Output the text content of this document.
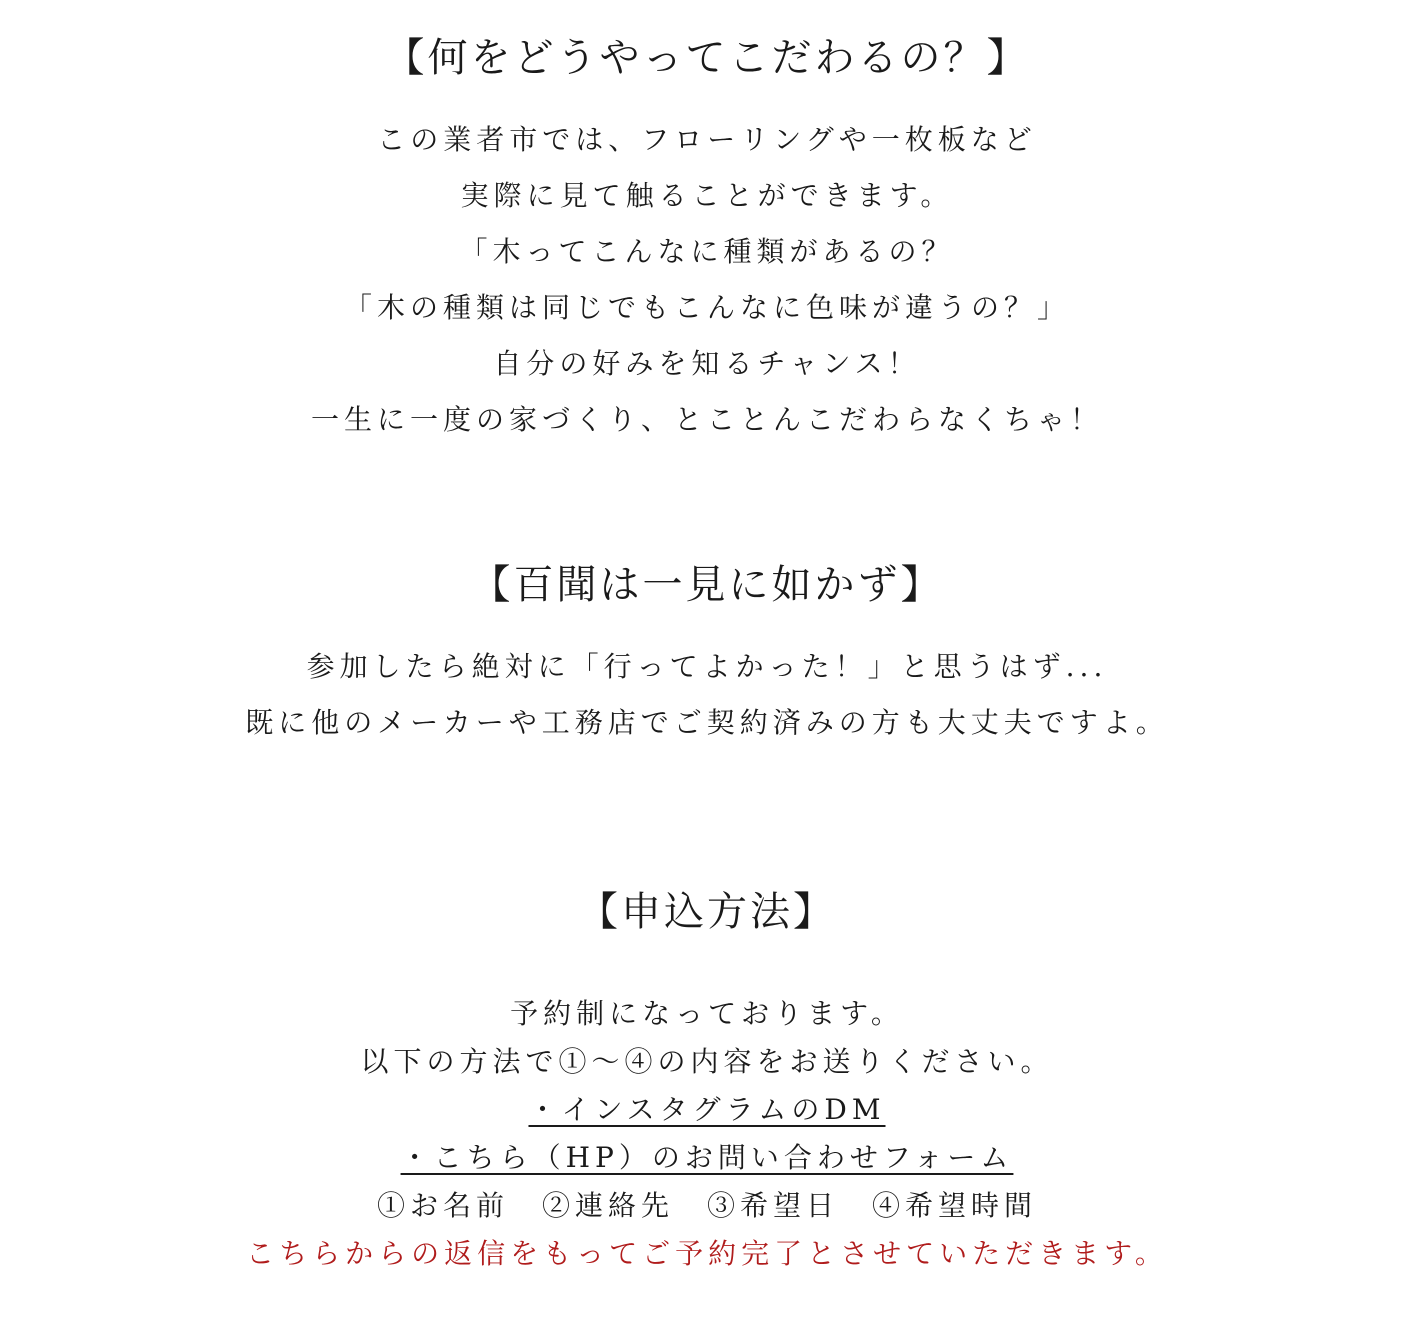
【何をどうやってこだわるの？】
この業者市では、フローリングや一枚板など
実際に見て触ることができます。
「木ってこんなに種類があるの？
「木の種類は同じでもこんなに色味が違うの？」
自分の好みを知るチャンス！
一生に一度の家づくり、とことんこだわらなくちゃ！
【百聞は一見に如かず】
参加したら絶対に「行ってよかった！」と思うはず...
既に他のメーカーや工務店でご契約済みの方も大丈夫ですよ。
【申込方法】
予約制になっております。
以下の方法で①〜④の内容をお送りください。
・インスタグラムのDM
・こちら（HP）のお問い合わせフォーム
①お名前　②連絡先　③希望日　④希望時間
こちらからの返信をもってご予約完了とさせていただきます。
